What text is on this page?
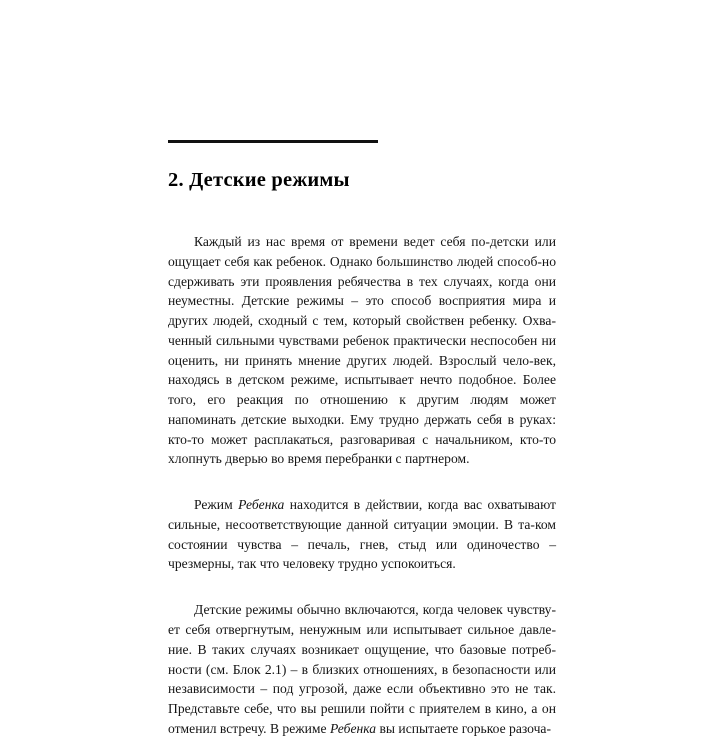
2. Детские режимы

Каждый из нас время от времени ведет себя по-детски или ощущает себя как ребенок. Однако большинство людей способ-но сдерживать эти проявления ребячества в тех случаях, когда они неуместны. Детские режимы – это способ восприятия мира и других людей, сходный с тем, который свойствен ребенку. Охва-ченный сильными чувствами ребенок практически неспособен ни оценить, ни принять мнение других людей. Взрослый чело-век, находясь в детском режиме, испытывает нечто подобное. Более того, его реакция по отношению к другим людям может напоминать детские выходки. Ему трудно держать себя в руках: кто-то может расплакаться, разговаривая с начальником, кто-то хлопнуть дверью во время перебранки с партнером.

Режим Ребенка находится в действии, когда вас охватывают сильные, несоответствующие данной ситуации эмоции. В та-ком состоянии чувства – печаль, гнев, стыд или одиночество – чрезмерны, так что человеку трудно успокоиться.

Детские режимы обычно включаются, когда человек чувству-ет себя отвергнутым, ненужным или испытывает сильное давле-ние. В таких случаях возникает ощущение, что базовые потреб-ности (см. Блок 2.1) – в близких отношениях, в безопасности или независимости – под угрозой, даже если объективно это не так. Представьте себе, что вы решили пойти с приятелем в кино, а он отменил встречу. В режиме Ребенка вы испытаете горькое разоча-
